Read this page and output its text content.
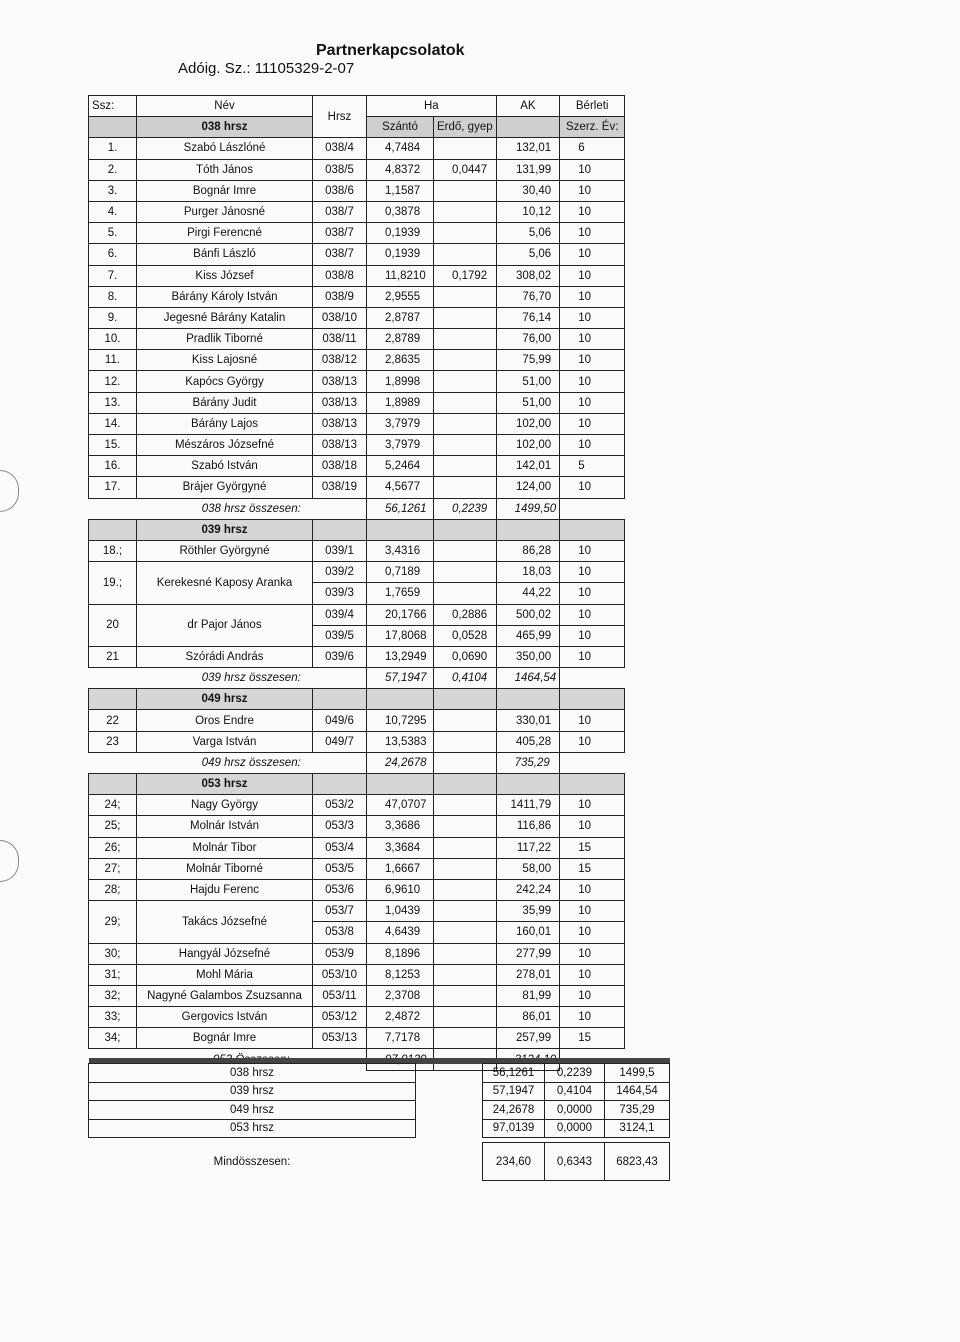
Partnerkapcsolatok
Adóig. Sz.: 11105329-2-07
Ssz:	Név	Hrsz	Ha		AK	Bérleti
	038 hrsz		Szántó	Erdő, gyep		Szerz. Év:
1.	Szabó Lászlóné	038/4	4,7484		132,01	6
2.	Tóth János	038/5	4,8372	0,0447	131,99	10
3.	Bognár Imre	038/6	1,1587		30,40	10
4.	Purger Jánosné	038/7	0,3878		10,12	10
5.	Pirgi Ferencné	038/7	0,1939		5,06	10
6.	Bánfi László	038/7	0,1939		5,06	10
7.	Kiss József	038/8	11,8210	0,1792	308,02	10
8.	Bárány Károly István	038/9	2,9555		76,70	10
9.	Jegesné Bárány Katalin	038/10	2,8787		76,14	10
10.	Pradlik Tiborné	038/11	2,8789		76,00	10
11.	Kiss Lajosné	038/12	2,8635		75,99	10
12.	Kapócs György	038/13	1,8998		51,00	10
13.	Bárány Judit	038/13	1,8989		51,00	10
14.	Bárány Lajos	038/13	3,7979		102,00	10
15.	Mészáros Józsefné	038/13	3,7979		102,00	10
16.	Szabó István	038/18	5,2464		142,01	5
17.	Brájer Györgyné	038/19	4,5677		124,00	10
	038 hrsz összesen:		56,1261	0,2239	1499,50	
	039 hrsz					
18.;	Röthler Györgyné	039/1	3,4316		86,28	10
19.;	Kerekesné Kaposy Aranka	039/2	0,7189		18,03	10
		039/3	1,7659		44,22	10
20	dr Pajor János	039/4	20,1766	0,2886	500,02	10
		039/5	17,8068	0,0528	465,99	10
21	Szórádi András	039/6	13,2949	0,0690	350,00	10
	039 hrsz összesen:		57,1947	0,4104	1464,54	
	049 hrsz					
22	Oros Endre	049/6	10,7295		330,01	10
23	Varga István	049/7	13,5383		405,28	10
	049 hrsz összesen:		24,2678		735,29	
	053 hrsz					
24;	Nagy György	053/2	47,0707		1411,79	10
25;	Molnár István	053/3	3,3686		116,86	10
26;	Molnár Tibor	053/4	3,3684		117,22	15
27;	Molnár Tiborné	053/5	1,6667		58,00	15
28;	Hajdu Ferenc	053/6	6,9610		242,24	10
29;	Takács Józsefné	053/7	1,0439		35,99	10
		053/8	4,6439		160,01	10
30;	Hangyál Józsefné	053/9	8,1896		277,99	10
31;	Mohl Mária	053/10	8,1253		278,01	10
32;	Nagyné Galambos Zsuzsanna	053/11	2,3708		81,99	10
33;	Gergovics István	053/12	2,4872		86,01	10
34;	Bognár Imre	053/13	7,7178		257,99	15

038 hrsz		56,1261	0,2239	1499,5
039 hrsz		57,1947	0,4104	1464,54
049 hrsz		24,2678	0,0000	735,29
053 hrsz		97,0139	0,0000	3124,1

Mindösszesen:		234,60	0,6343	6823,43
